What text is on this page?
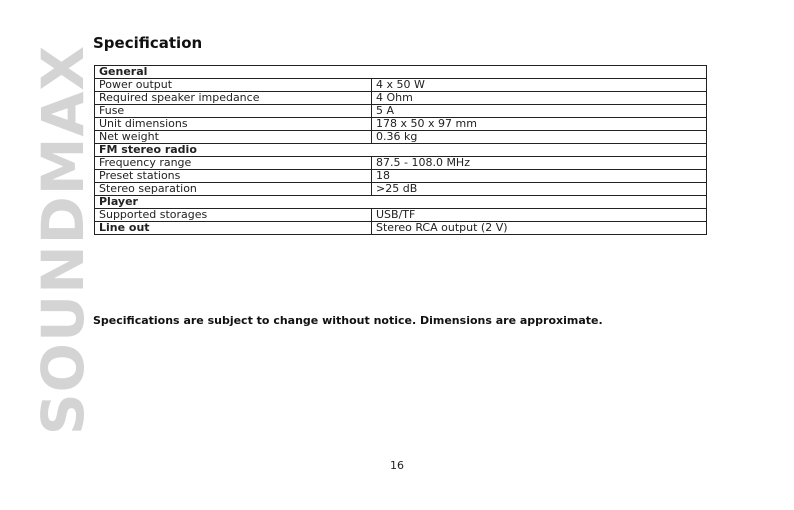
SOUNDMAX
Specification
General	
Power output	4 x 50 W
Required speaker impedance	4 Ohm
Fuse	5 A
Unit dimensions	178 x 50 x 97 mm
Net weight	0.36 kg
FM stereo radio	
Frequency range	87.5 - 108.0 MHz
Preset stations	18
Stereo separation	>25 dB
Player	
Supported storages	USB/TF
Line out	Stereo RCA output (2 V)

Specifications are subject to change without notice. Dimensions are approximate.

16
